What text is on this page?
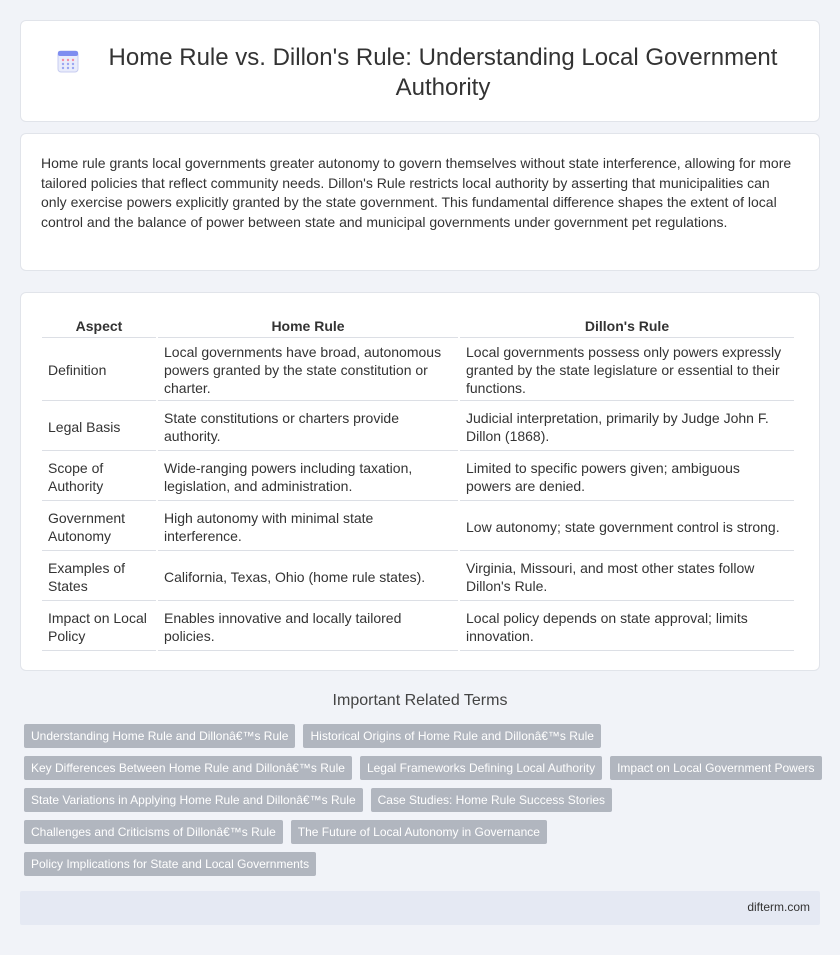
Home Rule vs. Dillon's Rule: Understanding Local Government Authority

Home rule grants local governments greater autonomy to govern themselves without state interference, allowing for more tailored policies that reflect community needs. Dillon's Rule restricts local authority by asserting that municipalities can only exercise powers explicitly granted by the state government. This fundamental difference shapes the extent of local control and the balance of power between state and municipal governments under government pet regulations.

Aspect	Home Rule	Dillon's Rule
Definition	Local governments have broad, autonomous powers granted by the state constitution or charter.	Local governments possess only powers expressly granted by the state legislature or essential to their functions.
Legal Basis	State constitutions or charters provide authority.	Judicial interpretation, primarily by Judge John F. Dillon (1868).
Scope of Authority	Wide-ranging powers including taxation, legislation, and administration.	Limited to specific powers given; ambiguous powers are denied.
Government Autonomy	High autonomy with minimal state interference.	Low autonomy; state government control is strong.
Examples of States	California, Texas, Ohio (home rule states).	Virginia, Missouri, and most other states follow Dillon's Rule.
Impact on Local Policy	Enables innovative and locally tailored policies.	Local policy depends on state approval; limits innovation.
Important Related Terms
Understanding Home Rule and Dillonâ€™s Rule	Historical Origins of Home Rule and Dillonâ€™s Rule
Key Differences Between Home Rule and Dillonâ€™s Rule	Legal Frameworks Defining Local Authority	Impact on Local Government Powers
State Variations in Applying Home Rule and Dillonâ€™s Rule	Case Studies: Home Rule Success Stories
Challenges and Criticisms of Dillonâ€™s Rule	The Future of Local Autonomy in Governance
Policy Implications for State and Local Governments
difterm.com
